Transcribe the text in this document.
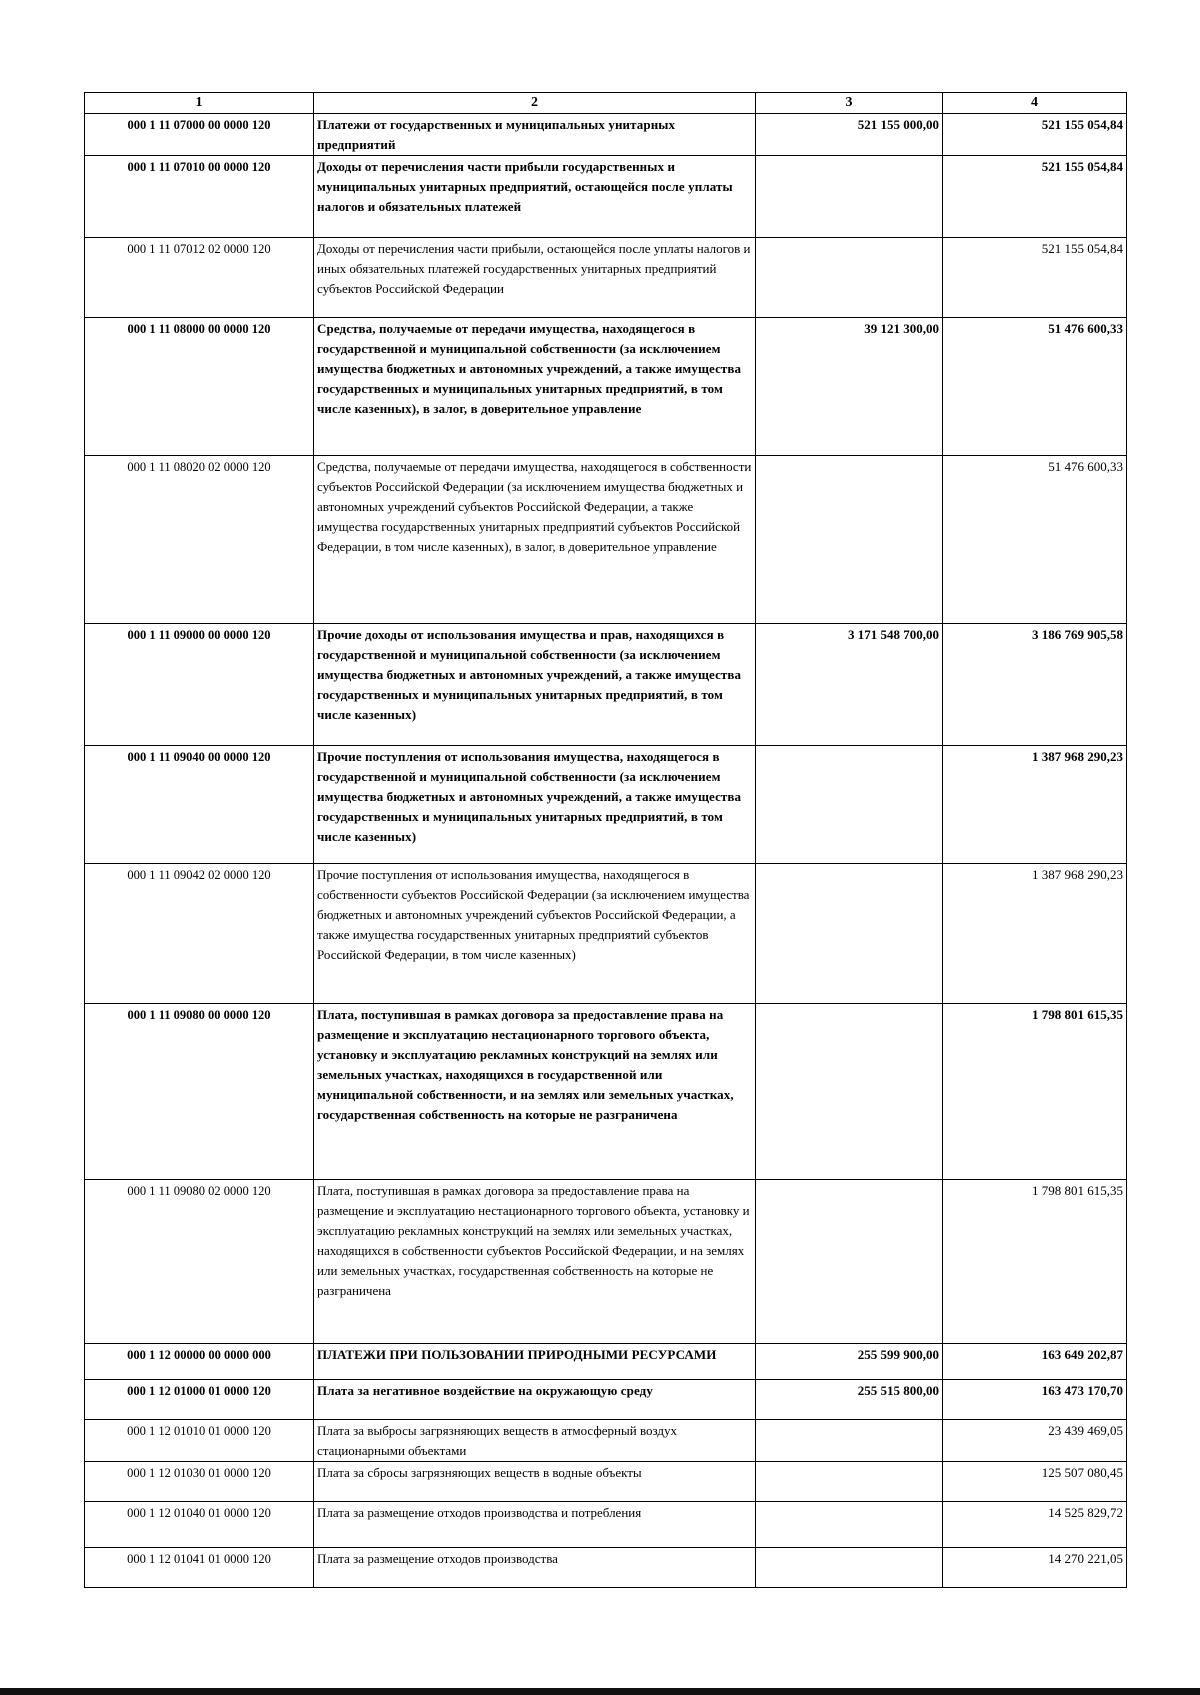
1	2	3	4
000 1 11 07000 00 0000 120	Платежи от государственных и муниципальных унитарных предприятий	521 155 000,00	521 155 054,84
000 1 11 07010 00 0000 120	Доходы от перечисления части прибыли государственных и муниципальных унитарных предприятий, остающейся после уплаты налогов и обязательных платежей		521 155 054,84
000 1 11 07012 02 0000 120	Доходы от перечисления части прибыли, остающейся после уплаты налогов и иных обязательных платежей государственных унитарных предприятий субъектов Российской Федерации		521 155 054,84
000 1 11 08000 00 0000 120	Средства, получаемые от передачи имущества, находящегося в государственной и муниципальной собственности (за исключением имущества бюджетных и автономных учреждений, а также имущества государственных и муниципальных унитарных предприятий, в том числе казенных), в залог, в доверительное управление	39 121 300,00	51 476 600,33
000 1 11 08020 02 0000 120	Средства, получаемые от передачи имущества, находящегося в собственности субъектов Российской Федерации (за исключением имущества бюджетных и автономных учреждений субъектов Российской Федерации, а также имущества государственных унитарных предприятий субъектов Российской Федерации, в том числе казенных), в залог, в доверительное управление		51 476 600,33
000 1 11 09000 00 0000 120	Прочие доходы от использования имущества и прав, находящихся в государственной и муниципальной собственности (за исключением имущества бюджетных и автономных учреждений, а также имущества государственных и муниципальных унитарных предприятий, в том числе казенных)	3 171 548 700,00	3 186 769 905,58
000 1 11 09040 00 0000 120	Прочие поступления от использования имущества, находящегося в государственной и муниципальной собственности (за исключением имущества бюджетных и автономных учреждений, а также имущества государственных и муниципальных унитарных предприятий, в том числе казенных)		1 387 968 290,23
000 1 11 09042 02 0000 120	Прочие поступления от использования имущества, находящегося в собственности субъектов Российской Федерации (за исключением имущества бюджетных и автономных учреждений субъектов Российской Федерации, а также имущества государственных унитарных предприятий субъектов Российской Федерации, в том числе казенных)		1 387 968 290,23
000 1 11 09080 00 0000 120	Плата, поступившая в рамках договора за предоставление права на размещение и эксплуатацию нестационарного торгового объекта, установку и эксплуатацию рекламных конструкций на землях или земельных участках, находящихся в государственной или муниципальной собственности, и на землях или земельных участках, государственная собственность на которые не разграничена		1 798 801 615,35
000 1 11 09080 02 0000 120	Плата, поступившая в рамках договора за предоставление права на размещение и эксплуатацию нестационарного торгового объекта, установку и эксплуатацию рекламных конструкций на землях или земельных участках, находящихся в собственности субъектов Российской Федерации, и на землях или земельных участках, государственная собственность на которые не разграничена		1 798 801 615,35
000 1 12 00000 00 0000 000	ПЛАТЕЖИ ПРИ ПОЛЬЗОВАНИИ ПРИРОДНЫМИ РЕСУРСАМИ	255 599 900,00	163 649 202,87
000 1 12 01000 01 0000 120	Плата за негативное воздействие на окружающую среду	255 515 800,00	163 473 170,70
000 1 12 01010 01 0000 120	Плата за выбросы загрязняющих веществ в атмосферный воздух стационарными объектами		23 439 469,05
000 1 12 01030 01 0000 120	Плата за сбросы загрязняющих веществ в водные объекты		125 507 080,45
000 1 12 01040 01 0000 120	Плата за размещение отходов производства и потребления		14 525 829,72
000 1 12 01041 01 0000 120	Плата за размещение отходов производства		14 270 221,05
